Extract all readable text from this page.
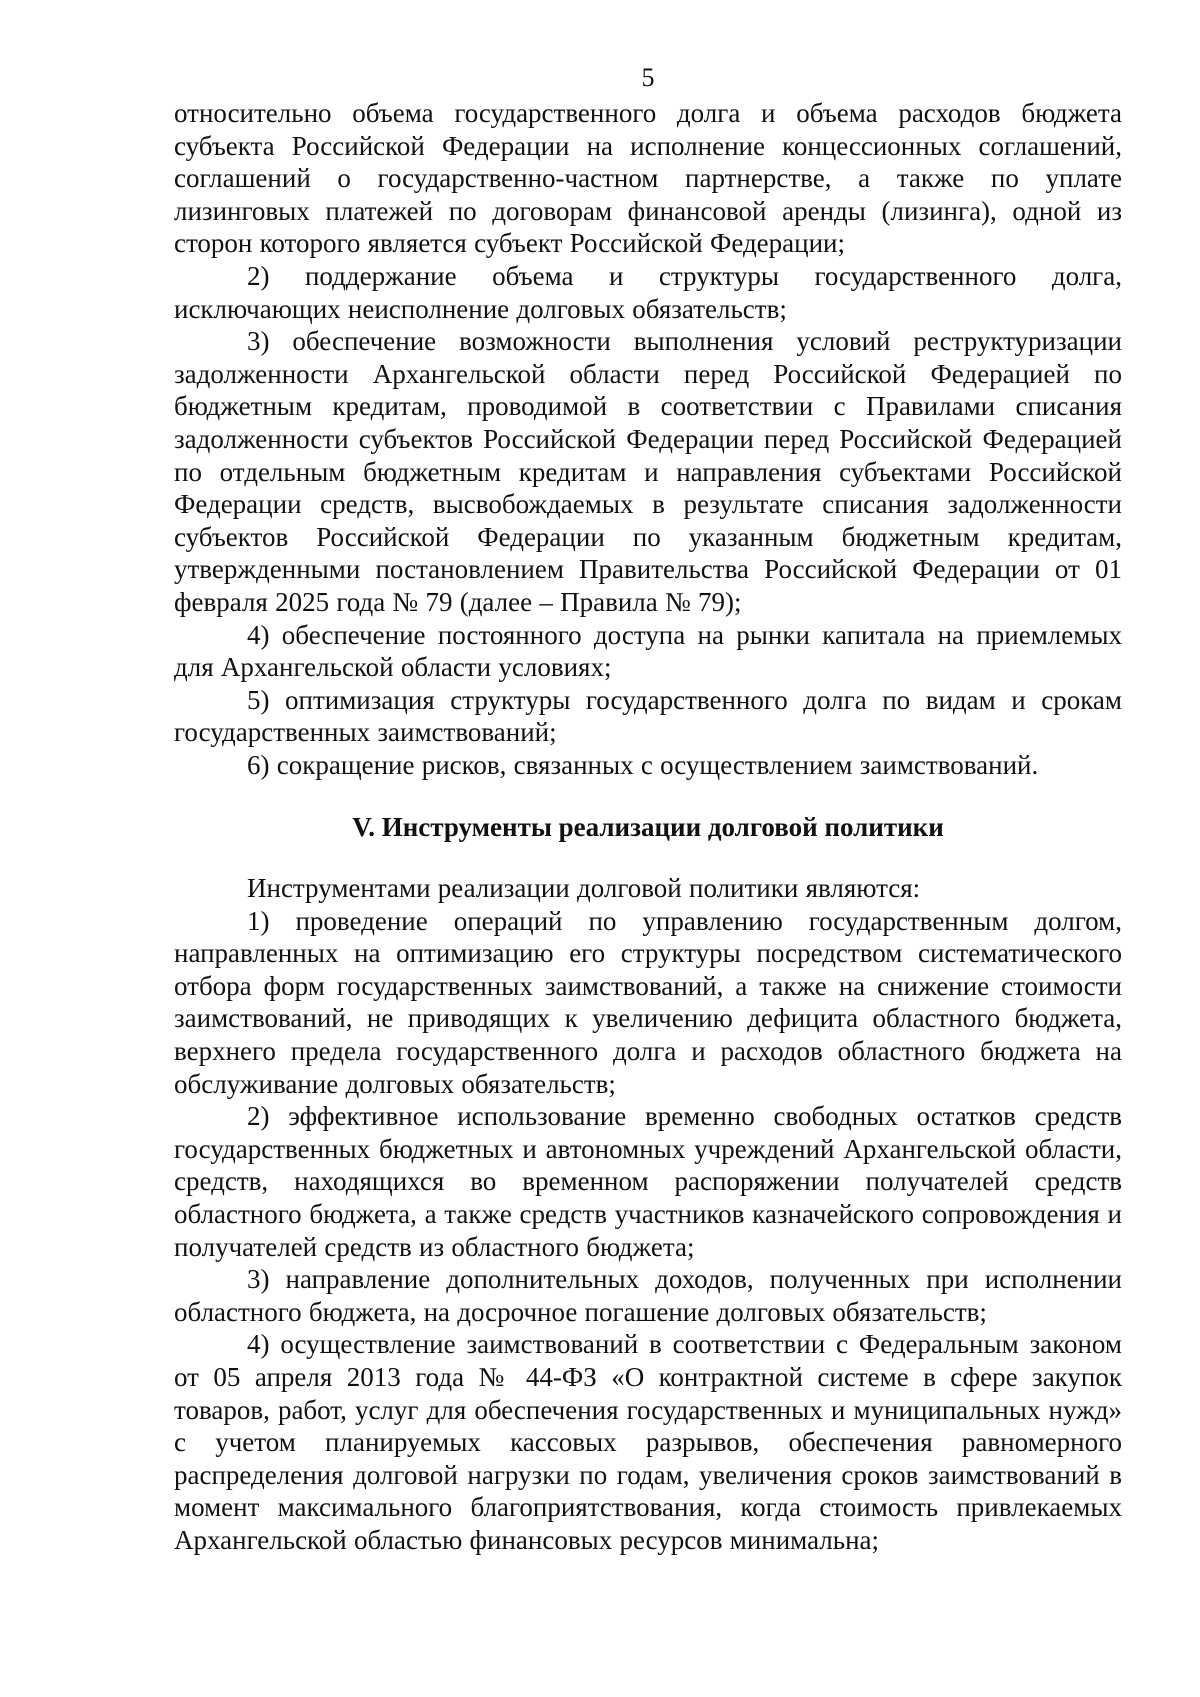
5

относительно объема государственного долга и объема расходов бюджета субъекта Российской Федерации на исполнение концессионных соглашений, соглашений о государственно-частном партнерстве, а также по уплате лизинговых платежей по договорам финансовой аренды (лизинга), одной из сторон которого является субъект Российской Федерации;

2) поддержание объема и структуры государственного долга, исключающих неисполнение долговых обязательств;

3) обеспечение возможности выполнения условий реструктуризации задолженности Архангельской области перед Российской Федерацией по бюджетным кредитам, проводимой в соответствии с Правилами списания задолженности субъектов Российской Федерации перед Российской Федерацией по отдельным бюджетным кредитам и направления субъектами Российской Федерации средств, высвобождаемых в результате списания задолженности субъектов Российской Федерации по указанным бюджетным кредитам, утвержденными постановлением Правительства Российской Федерации от 01 февраля 2025 года № 79 (далее – Правила № 79);

4) обеспечение постоянного доступа на рынки капитала на приемлемых для Архангельской области условиях;

5) оптимизация структуры государственного долга по видам и срокам государственных заимствований;

6) сокращение рисков, связанных с осуществлением заимствований.

V. Инструменты реализации долговой политики

Инструментами реализации долговой политики являются:

1) проведение операций по управлению государственным долгом, направленных на оптимизацию его структуры посредством систематического отбора форм государственных заимствований, а также на снижение стоимости заимствований, не приводящих к увеличению дефицита областного бюджета, верхнего предела государственного долга и расходов областного бюджета на обслуживание долговых обязательств;

2) эффективное использование временно свободных остатков средств государственных бюджетных и автономных учреждений Архангельской области, средств, находящихся во временном распоряжении получателей средств областного бюджета, а также средств участников казначейского сопровождения и получателей средств из областного бюджета;

3) направление дополнительных доходов, полученных при исполнении областного бюджета, на досрочное погашение долговых обязательств;

4) осуществление заимствований в соответствии с Федеральным законом от 05 апреля 2013 года № 44-ФЗ «О контрактной системе в сфере закупок товаров, работ, услуг для обеспечения государственных и муниципальных нужд» с учетом планируемых кассовых разрывов, обеспечения равномерного распределения долговой нагрузки по годам, увеличения сроков заимствований в момент максимального благоприятствования, когда стоимость привлекаемых Архангельской областью финансовых ресурсов минимальна;
